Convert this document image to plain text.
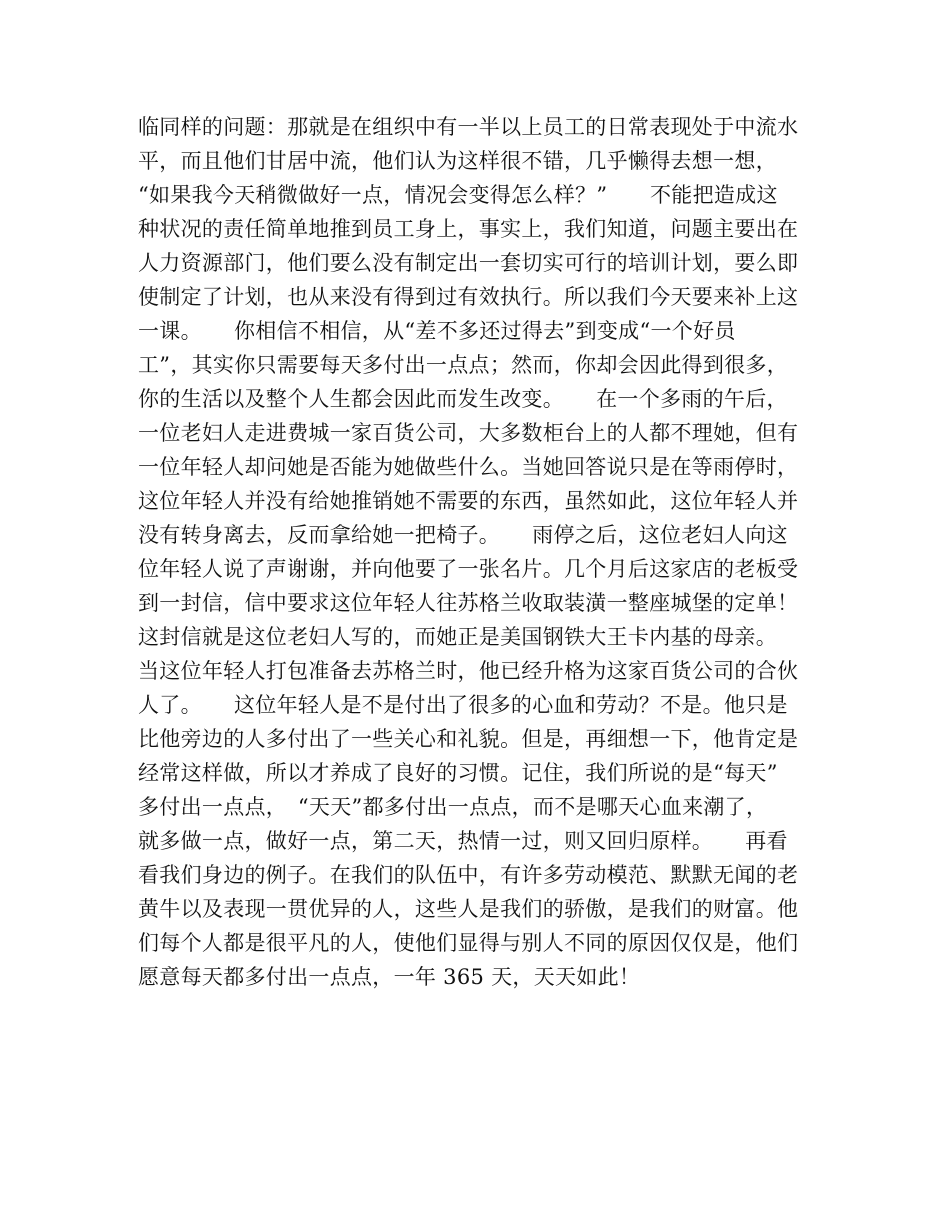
临同样的问题：那就是在组织中有一半以上员工的日常表现处于中流水
平，而且他们甘居中流，他们认为这样很不错，几乎懒得去想一想，
“如果我今天稍微做好一点，情况会变得怎么样？”　　不能把造成这
种状况的责任简单地推到员工身上，事实上，我们知道，问题主要出在
人力资源部门，他们要么没有制定出一套切实可行的培训计划，要么即
使制定了计划，也从来没有得到过有效执行。所以我们今天要来补上这
一课。　　你相信不相信，从“差不多还过得去”到变成“一个好员
工”，其实你只需要每天多付出一点点；然而，你却会因此得到很多，
你的生活以及整个人生都会因此而发生改变。　　在一个多雨的午后，
一位老妇人走进费城一家百货公司，大多数柜台上的人都不理她，但有
一位年轻人却问她是否能为她做些什么。当她回答说只是在等雨停时，
这位年轻人并没有给她推销她不需要的东西，虽然如此，这位年轻人并
没有转身离去，反而拿给她一把椅子。　　雨停之后，这位老妇人向这
位年轻人说了声谢谢，并向他要了一张名片。几个月后这家店的老板受
到一封信，信中要求这位年轻人往苏格兰收取装潢一整座城堡的定单！
这封信就是这位老妇人写的，而她正是美国钢铁大王卡内基的母亲。
当这位年轻人打包准备去苏格兰时，他已经升格为这家百货公司的合伙
人了。　　这位年轻人是不是付出了很多的心血和劳动？不是。他只是
比他旁边的人多付出了一些关心和礼貌。但是，再细想一下，他肯定是
经常这样做，所以才养成了良好的习惯。记住，我们所说的是“每天”
多付出一点点，　“天天”都多付出一点点，而不是哪天心血来潮了，
就多做一点，做好一点，第二天，热情一过，则又回归原样。　　再看
看我们身边的例子。在我们的队伍中，有许多劳动模范、默默无闻的老
黄牛以及表现一贯优异的人，这些人是我们的骄傲，是我们的财富。他
们每个人都是很平凡的人，使他们显得与别人不同的原因仅仅是，他们
愿意每天都多付出一点点，一年 365 天，天天如此！
